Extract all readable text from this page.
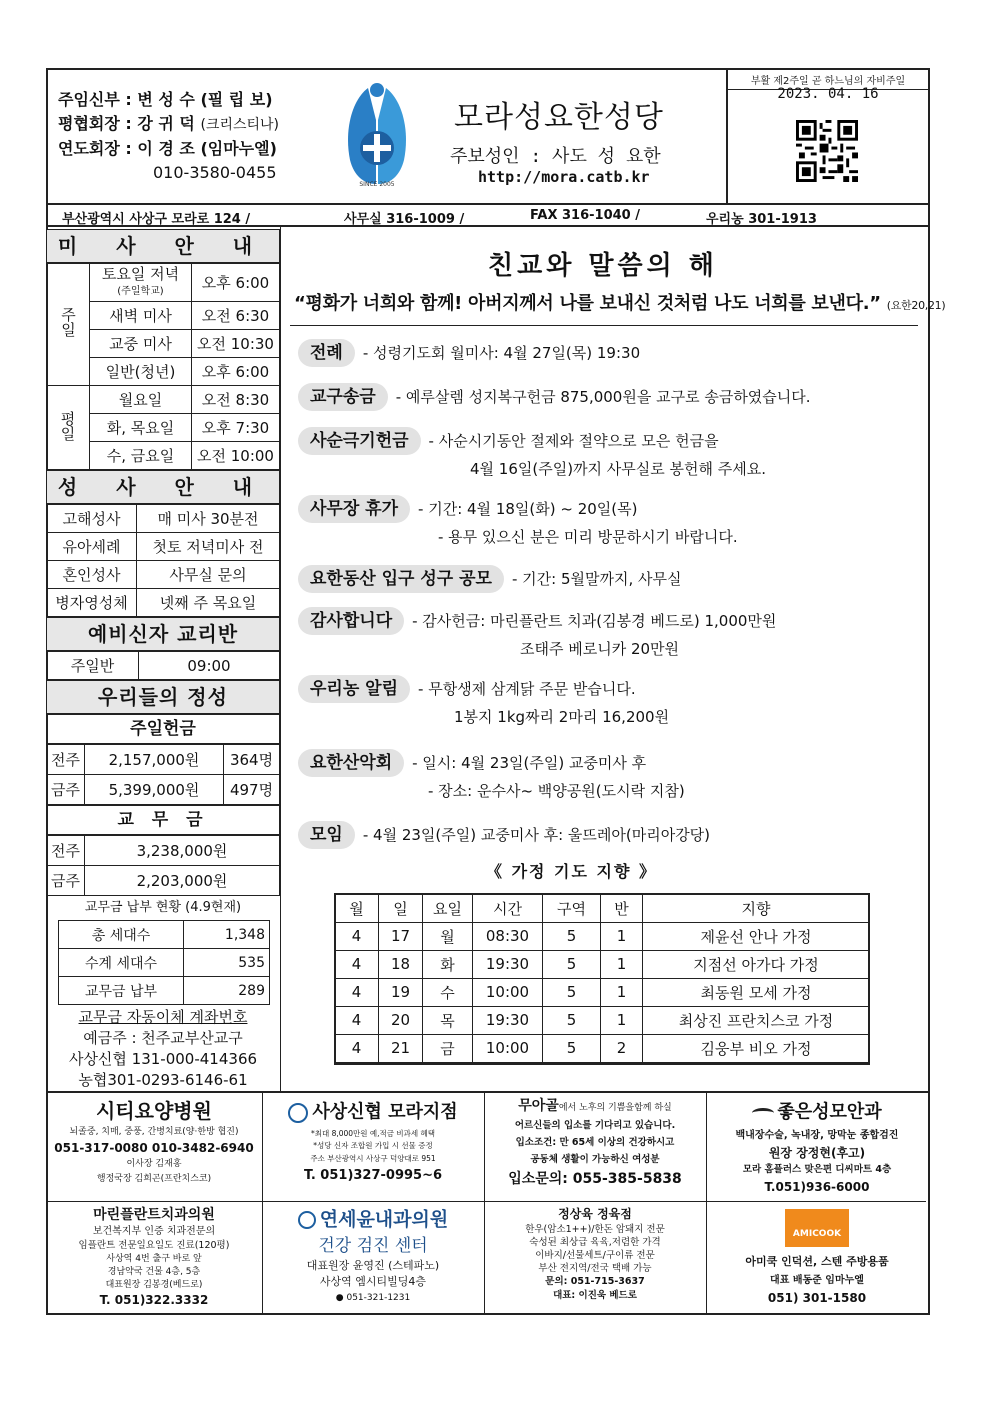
주임신부 : 변 성 수 (필 립 보)
평협회장 : 강 귀 덕 (크리스티나)
연도회장 : 이 경 조 (임마누엘)
010-3580-0455
SINCE 2005
모라성요한성당
주보성인 : 사도 성 요한
http://mora.catb.kr
부활 제2주일 곧 하느님의 자비주일
2023. 04. 16
부산광역시 사상구 모라로 124 /	사무실 316-1009 /	FAX 316-1040 /	우리농 301-1913
미 사 안 내
주일	토요일 저녁
(주일학교)	오후 6:00
	새벽 미사	오전 6:30
	교중 미사	오전 10:30
	일반(청년)	오후 6:00
평일	월요일	오전 8:30
	화, 목요일	오후 7:30
	수, 금요일	오전 10:00
성 사 안 내
고해성사	매 미사 30분전
유아세례	첫토 저녁미사 전
혼인성사	사무실 문의
병자영성체	넷째 주 목요일
예비신자 교리반
주일반	09:00
우리들의 정성
주일헌금
전주	2,157,000원	364명
금주	5,399,000원	497명
교 무 금
전주	3,238,000원
금주	2,203,000원
교무금 납부 현황 (4.9현재)
총 세대수	1,348
수계 세대수	535
교무금 납부	289
교무금 자동이체 계좌번호
예금주 : 천주교부산교구
사상신협 131-000-414366
농협301-0293-6146-61
친교와 말씀의 해
“평화가 너희와 함께! 아버지께서 나를 보내신 것처럼 나도 너희를 보낸다.” (요한20,21)
전례 - 성령기도회 월미사: 4월 27일(목) 19:30
교구송금 - 예루살렘 성지복구헌금 875,000원을 교구로 송금하였습니다.
사순극기헌금 - 사순시기동안 절제와 절약으로 모은 헌금을
4월 16일(주일)까지 사무실로 봉헌해 주세요.
사무장 휴가 - 기간: 4월 18일(화) ~ 20일(목)
- 용무 있으신 분은 미리 방문하시기 바랍니다.
요한동산 입구 성구 공모 - 기간: 5월말까지, 사무실
감사합니다 - 감사헌금: 마린플란트 치과(김봉경 베드로) 1,000만원
조태주 베로니카 20만원
우리농 알림 - 무항생제 삼계닭 주문 받습니다.
1봉지 1kg짜리 2마리 16,200원
요한산악회 - 일시: 4월 23일(주일) 교중미사 후
- 장소: 운수사~ 백양공원(도시락 지참)
모임 - 4월 23일(주일) 교중미사 후: 울뜨레아(마리아강당)
《 가정 기도 지향 》
월	일	요일	시간	구역	반	지향
4	17	월	08:30	5	1	제윤선 안나 가정
4	18	화	19:30	5	1	지점선 아가다 가정
4	19	수	10:00	5	1	최동원 모세 가정
4	20	목	19:30	5	1	최상진 프란치스코 가정
4	21	금	10:00	5	2	김웅부 비오 가정
시티요양병원
뇌졸중, 치매, 중풍, 간병치료(양·한방 협진)
051-317-0080 010-3482-6940
이사장 김재홍
행정국장 김희곤(프란치스코)
사상신협 모라지점
*최대 8,000만원 예,적금 비과세 혜택
*성당 신자 조합원 가입 시 선물 증정
주소 부산광역시 사상구 덕양대로 951
T. 051)327-0995~6
무아골에서 노후의 기쁨을함께 하실
어르신들의 입소를 기다리고 있습니다.
입소조건: 만 65세 이상의 건강하시고
공동체 생활이 가능하신 여성분
입소문의: 055-385-5838
좋은성모안과
백내장수술, 녹내장, 망막눈 종합검진
원장 장정현(후고)
모라 홈플러스 맞은편 디씨마트 4층
T.051)936-6000
마린플란트치과의원
보건복지부 인증 치과전문의
임플란트 전문일요일도 진료(120평)
사상역 4번 출구 바로 앞
경남약국 건물 4층, 5층
대표원장 김봉경(베드로)
T. 051)322.3332
연세윤내과의원
건강 검진 센터
대표원장 윤영진 (스테파노)
사상역 엠시티빌딩4층
● 051-321-1231
정상육 정육점
한우(암소1++)/한돈 암돼지 전문
숙성된 최상급 육육,저렴한 가격
이바지/선물세트/구이류 전문
부산 전지역/전국 택배 가능
문의: 051-715-3637
대표: 이진욱 베드로
AMICOOK
아미쿡 인덕션, 스텐 주방용품
대표 배동준 임마누엘
051) 301-1580
